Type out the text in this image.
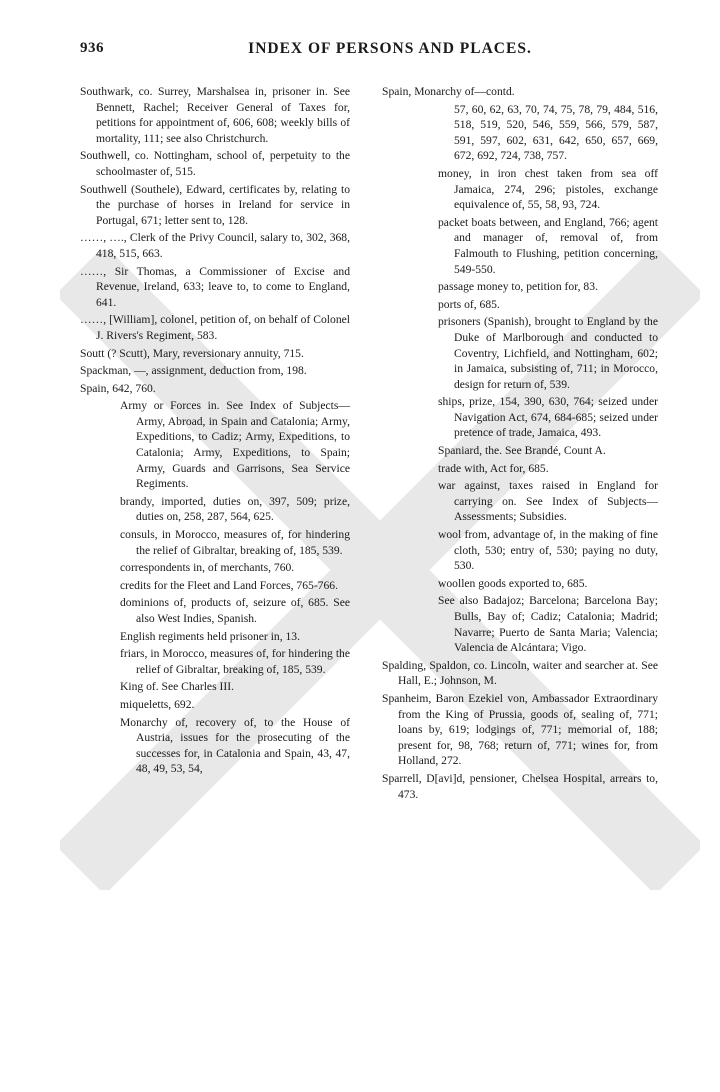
936	INDEX OF PERSONS AND PLACES.
Southwark, co. Surrey, Marshalsea in, prisoner in. See Bennett, Rachel; Receiver General of Taxes for, petitions for appointment of, 606, 608; weekly bills of mortality, 111; see also Christchurch.
Southwell, co. Nottingham, school of, perpetuity to the schoolmaster of, 515.
Southwell (Southele), Edward, certificates by, relating to the purchase of horses in Ireland for service in Portugal, 671; letter sent to, 128.
……, …., Clerk of the Privy Council, salary to, 302, 368, 418, 515, 663.
……, Sir Thomas, a Commissioner of Excise and Revenue, Ireland, 633; leave to, to come to England, 641.
……, [William], colonel, petition of, on behalf of Colonel J. Rivers's Regiment, 583.
Soutt (? Scutt), Mary, reversionary annuity, 715.
Spackman, —, assignment, deduction from, 198.
Spain, 642, 760.
Army or Forces in. See Index of Subjects—Army, Abroad, in Spain and Catalonia; Army, Expeditions, to Cadiz; Army, Expeditions, to Catalonia; Army, Expeditions, to Spain; Army, Guards and Garrisons, Sea Service Regiments.
brandy, imported, duties on, 397, 509; prize, duties on, 258, 287, 564, 625.
consuls, in Morocco, measures of, for hindering the relief of Gibraltar, breaking of, 185, 539.
correspondents in, of merchants, 760.
credits for the Fleet and Land Forces, 765-766.
dominions of, products of, seizure of, 685. See also West Indies, Spanish.
English regiments held prisoner in, 13.
friars, in Morocco, measures of, for hindering the relief of Gibraltar, breaking of, 185, 539.
King of. See Charles III.
miqueletts, 692.
Monarchy of, recovery of, to the House of Austria, issues for the prosecuting of the successes for, in Catalonia and Spain, 43, 47, 48, 49, 53, 54,
Spain, Monarchy of—contd.
57, 60, 62, 63, 70, 74, 75, 78, 79, 484, 516, 518, 519, 520, 546, 559, 566, 579, 587, 591, 597, 602, 631, 642, 650, 657, 669, 672, 692, 724, 738, 757.
money, in iron chest taken from sea off Jamaica, 274, 296; pistoles, exchange equivalence of, 55, 58, 93, 724.
packet boats between, and England, 766; agent and manager of, removal of, from Falmouth to Flushing, petition concerning, 549-550.
passage money to, petition for, 83.
ports of, 685.
prisoners (Spanish), brought to England by the Duke of Marlborough and conducted to Coventry, Lichfield, and Nottingham, 602; in Jamaica, subsisting of, 711; in Morocco, design for return of, 539.
ships, prize, 154, 390, 630, 764; seized under Navigation Act, 674, 684-685; seized under pretence of trade, Jamaica, 493.
Spaniard, the. See Brandé, Count A.
trade with, Act for, 685.
war against, taxes raised in England for carrying on. See Index of Subjects—Assessments; Subsidies.
wool from, advantage of, in the making of fine cloth, 530; entry of, 530; paying no duty, 530.
woollen goods exported to, 685.
See also Badajoz; Barcelona; Barcelona Bay; Bulls, Bay of; Cadiz; Catalonia; Madrid; Navarre; Puerto de Santa Maria; Valencia; Valencia de Alcántara; Vigo.
Spalding, Spaldon, co. Lincoln, waiter and searcher at. See Hall, E.; Johnson, M.
Spanheim, Baron Ezekiel von, Ambassador Extraordinary from the King of Prussia, goods of, sealing of, 771; loans by, 619; lodgings of, 771; memorial of, 188; present for, 98, 768; return of, 771; wines for, from Holland, 272.
Sparrell, D[avi]d, pensioner, Chelsea Hospital, arrears to, 473.
